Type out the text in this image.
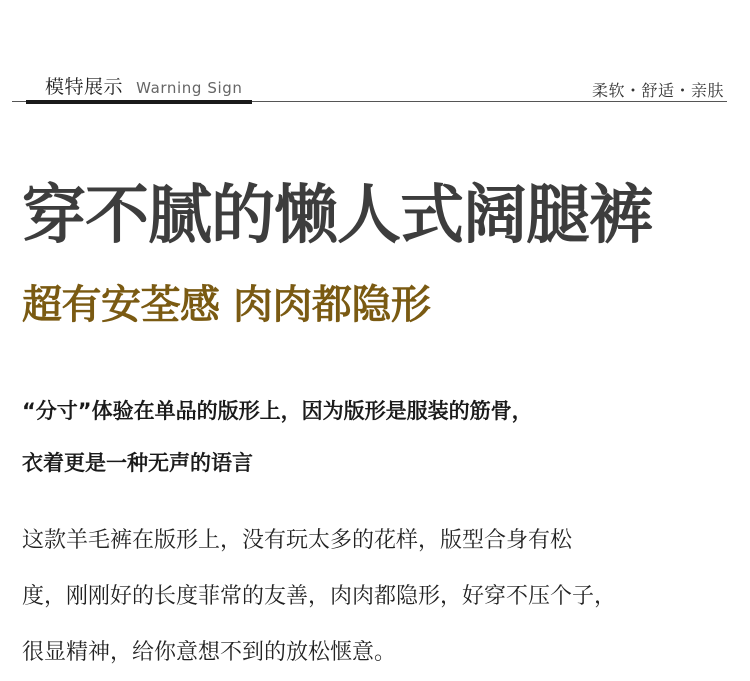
模特展示 Warning Sign	柔软・舒适・亲肤
穿不腻的懒人式阔腿裤
超有安荃感 肉肉都隐形
“分寸”体验在单品的版形上，因为版形是服装的筋骨，
衣着更是一种无声的语言
这款羊毛裤在版形上，没有玩太多的花样，版型合身有松
度，刚刚好的长度菲常的友善，肉肉都隐形，好穿不压个子，
很显精神，给你意想不到的放松惬意。
